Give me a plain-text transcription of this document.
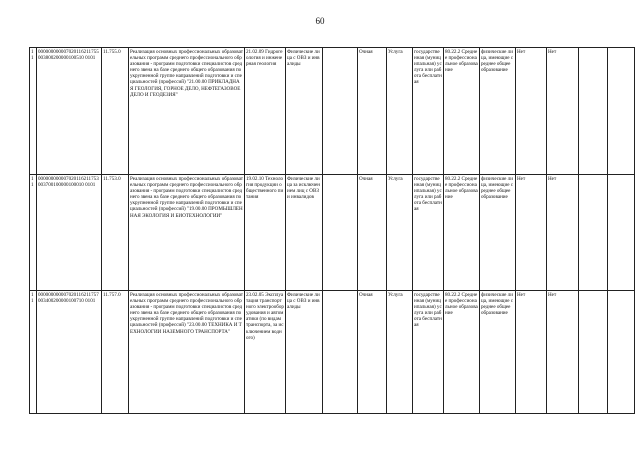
60
11	000000000007020116211755003800200000100510 0101	11.755.0	Реализация основных профессиональных образовательных программ среднего профессионального образования - программ подготовки специалистов среднего звена на базе среднего общего образования по укрупненной группе направлений подготовки и специальностей (профессий) "21.00.00 ПРИКЛАДНАЯ ГЕОЛОГИЯ, ГОРНОЕ ДЕЛО, НЕФТЕГАЗОВОЕ ДЕЛО И ГЕОДЕЗИЯ"	21.02.09 Гидрогеология и инженерная геология	Физические лица с ОВЗ и инвалиды		Очная	Услуга	государственная (муниципальная) услуга или работа бесплатная	80.22.2 Среднее профессиональное образование	физические лица, имеющие среднее общее образование	Нет	Нет		
11	000000000007020116211753003700100000100010 0101	11.753.0	Реализация основных профессиональных образовательных программ среднего профессионального образования - программ подготовки специалистов среднего звена на базе среднего общего образования по укрупненной группе направлений подготовки и специальностей (профессий) "19.00.00 ПРОМЫШЛЕННАЯ ЭКОЛОГИЯ И БИОТЕХНОЛОГИИ"	19.02.10 Технология продукции общественного питания	Физические лица за исключением лиц с ОВЗ и инвалидов		Очная	Услуга	государственная (муниципальная) услуга или работа бесплатная	80.22.2 Среднее профессиональное образование	физические лица, имеющие среднее общее образование	Нет	Нет		
11	000000000007020116211757003400200000100710 0101	11.757.0	Реализация основных профессиональных образовательных программ среднего профессионального образования - программ подготовки специалистов среднего звена на базе среднего общего образования по укрупненной группе направлений подготовки и специальностей (профессий) "23.00.00 ТЕХНИКА И ТЕХНОЛОГИИ НАЗЕМНОГО ТРАНСПОРТА"	23.02.05 Эксплуатация транспортного электрооборудования и автоматики (по видам транспорта, за исключением водного)	Физические лица с ОВЗ и инвалиды		Очная	Услуга	государственная (муниципальная) услуга или работа бесплатная	80.22.2 Среднее профессиональное образование	физические лица, имеющие среднее общее образование	Нет	Нет		
